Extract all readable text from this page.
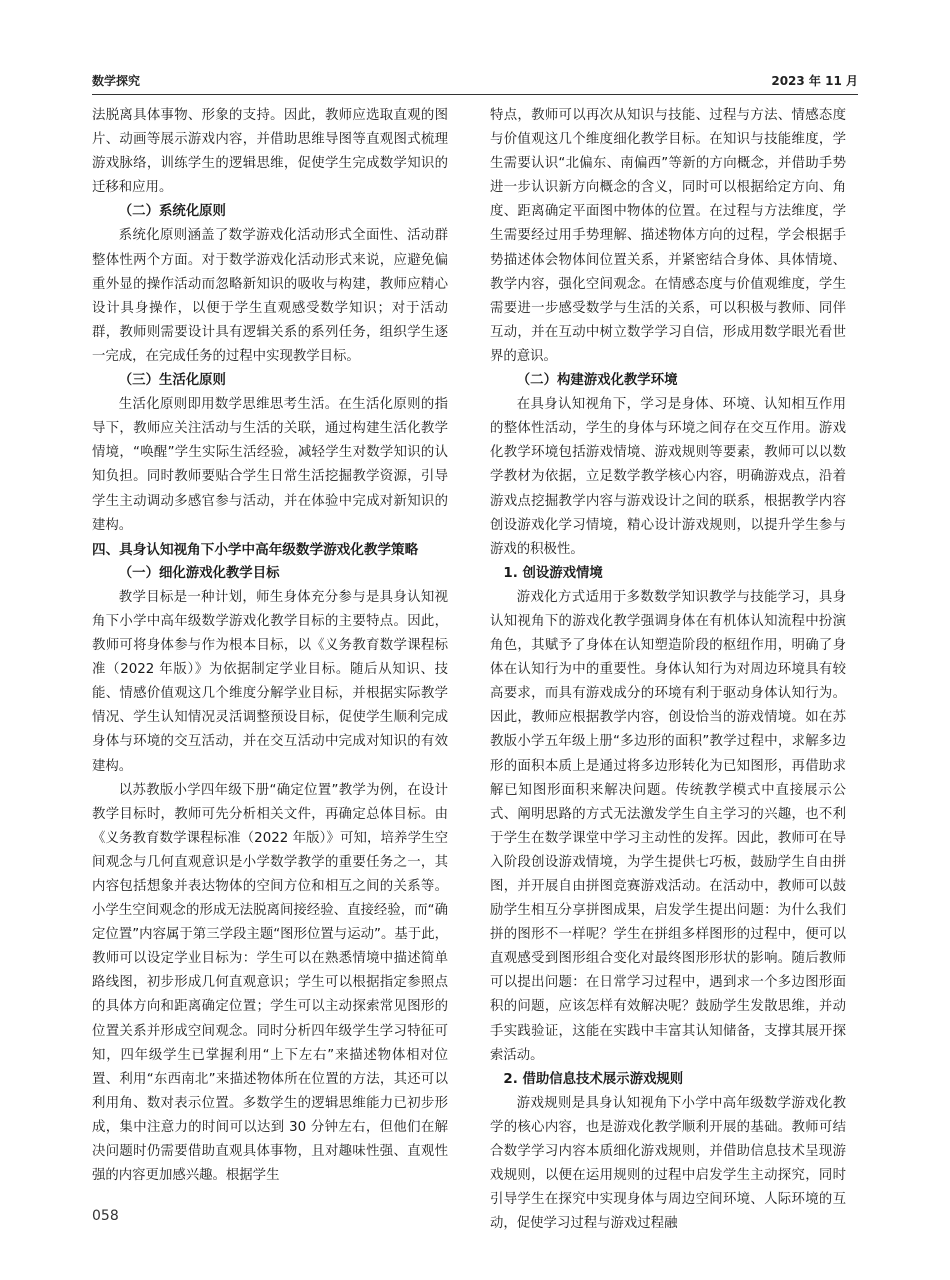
数学探究	2023 年 11 月

法脱离具体事物、形象的支持。因此，教师应选取直观的图片、动画等展示游戏内容，并借助思维导图等直观图式梳理游戏脉络，训练学生的逻辑思维，促使学生完成数学知识的迁移和应用。

（二）系统化原则

系统化原则涵盖了数学游戏化活动形式全面性、活动群整体性两个方面。对于数学游戏化活动形式来说，应避免偏重外显的操作活动而忽略新知识的吸收与构建，教师应精心设计具身操作，以便于学生直观感受数学知识；对于活动群，教师则需要设计具有逻辑关系的系列任务，组织学生逐一完成，在完成任务的过程中实现教学目标。

（三）生活化原则

生活化原则即用数学思维思考生活。在生活化原则的指导下，教师应关注活动与生活的关联，通过构建生活化教学情境，“唤醒”学生实际生活经验，减轻学生对数学知识的认知负担。同时教师要贴合学生日常生活挖掘教学资源，引导学生主动调动多感官参与活动，并在体验中完成对新知识的建构。

四、具身认知视角下小学中高年级数学游戏化教学策略

（一）细化游戏化教学目标

教学目标是一种计划，师生身体充分参与是具身认知视角下小学中高年级数学游戏化教学目标的主要特点。因此，教师可将身体参与作为根本目标，以《义务教育数学课程标准（2022 年版）》为依据制定学业目标。随后从知识、技能、情感价值观这几个维度分解学业目标，并根据实际教学情况、学生认知情况灵活调整预设目标，促使学生顺利完成身体与环境的交互活动，并在交互活动中完成对知识的有效建构。

以苏教版小学四年级下册“确定位置”教学为例，在设计教学目标时，教师可先分析相关文件，再确定总体目标。由《义务教育数学课程标准（2022 年版）》可知，培养学生空间观念与几何直观意识是小学数学教学的重要任务之一，其内容包括想象并表达物体的空间方位和相互之间的关系等。小学生空间观念的形成无法脱离间接经验、直接经验，而“确定位置”内容属于第三学段主题“图形位置与运动”。基于此，教师可以设定学业目标为：学生可以在熟悉情境中描述简单路线图，初步形成几何直观意识；学生可以根据指定参照点的具体方向和距离确定位置；学生可以主动探索常见图形的位置关系并形成空间观念。同时分析四年级学生学习特征可知，四年级学生已掌握利用“上下左右”来描述物体相对位置、利用“东西南北”来描述物体所在位置的方法，其还可以利用角、数对表示位置。多数学生的逻辑思维能力已初步形成，集中注意力的时间可以达到 30 分钟左右，但他们在解决问题时仍需要借助直观具体事物，且对趣味性强、直观性强的内容更加感兴趣。根据学生

特点，教师可以再次从知识与技能、过程与方法、情感态度与价值观这几个维度细化教学目标。在知识与技能维度，学生需要认识“北偏东、南偏西”等新的方向概念，并借助手势进一步认识新方向概念的含义，同时可以根据给定方向、角度、距离确定平面图中物体的位置。在过程与方法维度，学生需要经过用手势理解、描述物体方向的过程，学会根据手势描述体会物体间位置关系，并紧密结合身体、具体情境、教学内容，强化空间观念。在情感态度与价值观维度，学生需要进一步感受数学与生活的关系，可以积极与教师、同伴互动，并在互动中树立数学学习自信，形成用数学眼光看世界的意识。

（二）构建游戏化教学环境

在具身认知视角下，学习是身体、环境、认知相互作用的整体性活动，学生的身体与环境之间存在交互作用。游戏化教学环境包括游戏情境、游戏规则等要素，教师可以以数学教材为依据，立足数学教学核心内容，明确游戏点，沿着游戏点挖掘教学内容与游戏设计之间的联系，根据教学内容创设游戏化学习情境，精心设计游戏规则，以提升学生参与游戏的积极性。

1. 创设游戏情境

游戏化方式适用于多数数学知识教学与技能学习，具身认知视角下的游戏化教学强调身体在有机体认知流程中扮演角色，其赋予了身体在认知塑造阶段的枢纽作用，明确了身体在认知行为中的重要性。身体认知行为对周边环境具有较高要求，而具有游戏成分的环境有利于驱动身体认知行为。因此，教师应根据教学内容，创设恰当的游戏情境。如在苏教版小学五年级上册“多边形的面积”教学过程中，求解多边形的面积本质上是通过将多边形转化为已知图形，再借助求解已知图形面积来解决问题。传统教学模式中直接展示公式、阐明思路的方式无法激发学生自主学习的兴趣，也不利于学生在数学课堂中学习主动性的发挥。因此，教师可在导入阶段创设游戏情境，为学生提供七巧板，鼓励学生自由拼图，并开展自由拼图竞赛游戏活动。在活动中，教师可以鼓励学生相互分享拼图成果，启发学生提出问题：为什么我们拼的图形不一样呢？学生在拼组多样图形的过程中，便可以直观感受到图形组合变化对最终图形形状的影响。随后教师可以提出问题：在日常学习过程中，遇到求一个多边图形面积的问题，应该怎样有效解决呢？鼓励学生发散思维，并动手实践验证，这能在实践中丰富其认知储备，支撑其展开探索活动。

2. 借助信息技术展示游戏规则

游戏规则是具身认知视角下小学中高年级数学游戏化教学的核心内容，也是游戏化教学顺利开展的基础。教师可结合数学学习内容本质细化游戏规则，并借助信息技术呈现游戏规则，以便在运用规则的过程中启发学生主动探究，同时引导学生在探究中实现身体与周边空间环境、人际环境的互动，促使学习过程与游戏过程融

058
